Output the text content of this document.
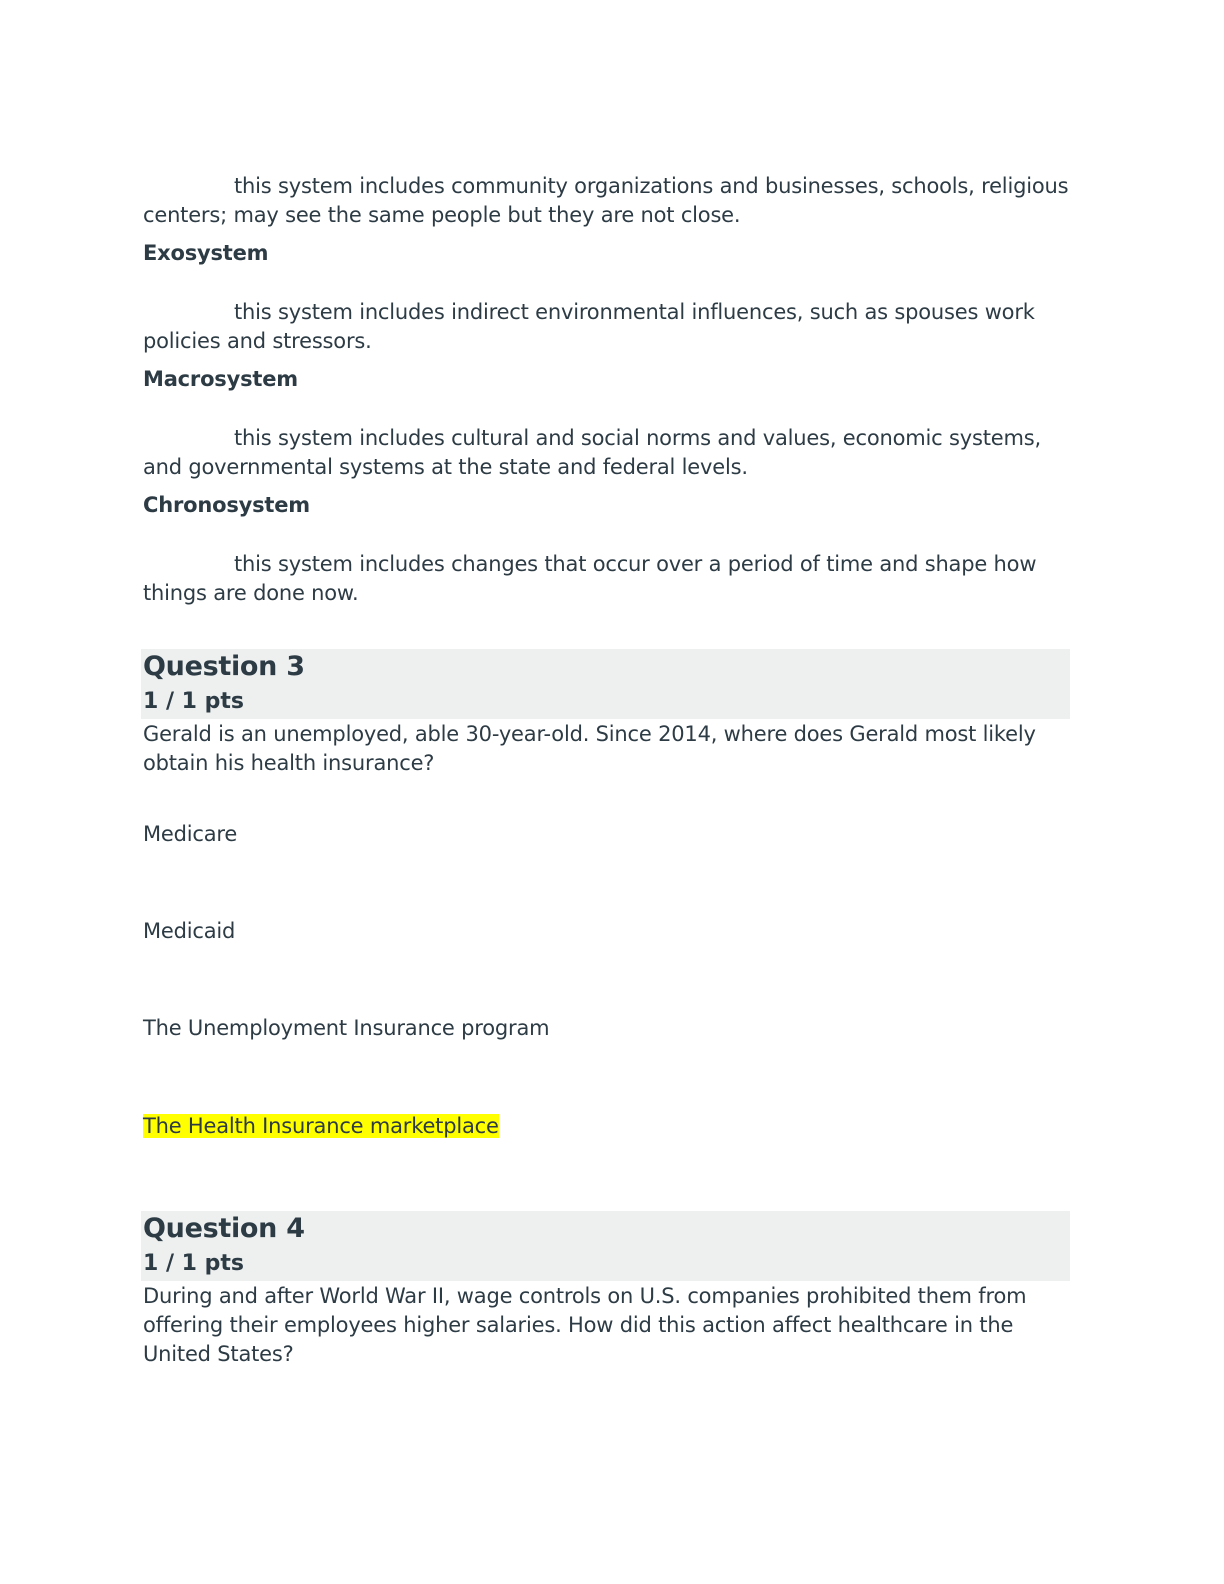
this system includes community organizations and businesses, schools, religious centers; may see the same people but they are not close.
Exosystem
this system includes indirect environmental influences, such as spouses work policies and stressors.
Macrosystem
this system includes cultural and social norms and values, economic systems, and governmental systems at the state and federal levels.
Chronosystem
this system includes changes that occur over a period of time and shape how things are done now.
Question 3
1 / 1 pts
Gerald is an unemployed, able 30-year-old. Since 2014, where does Gerald most likely obtain his health insurance?
Medicare
Medicaid
The Unemployment Insurance program
The Health Insurance marketplace
Question 4
1 / 1 pts
During and after World War II, wage controls on U.S. companies prohibited them from offering their employees higher salaries. How did this action affect healthcare in the United States?
